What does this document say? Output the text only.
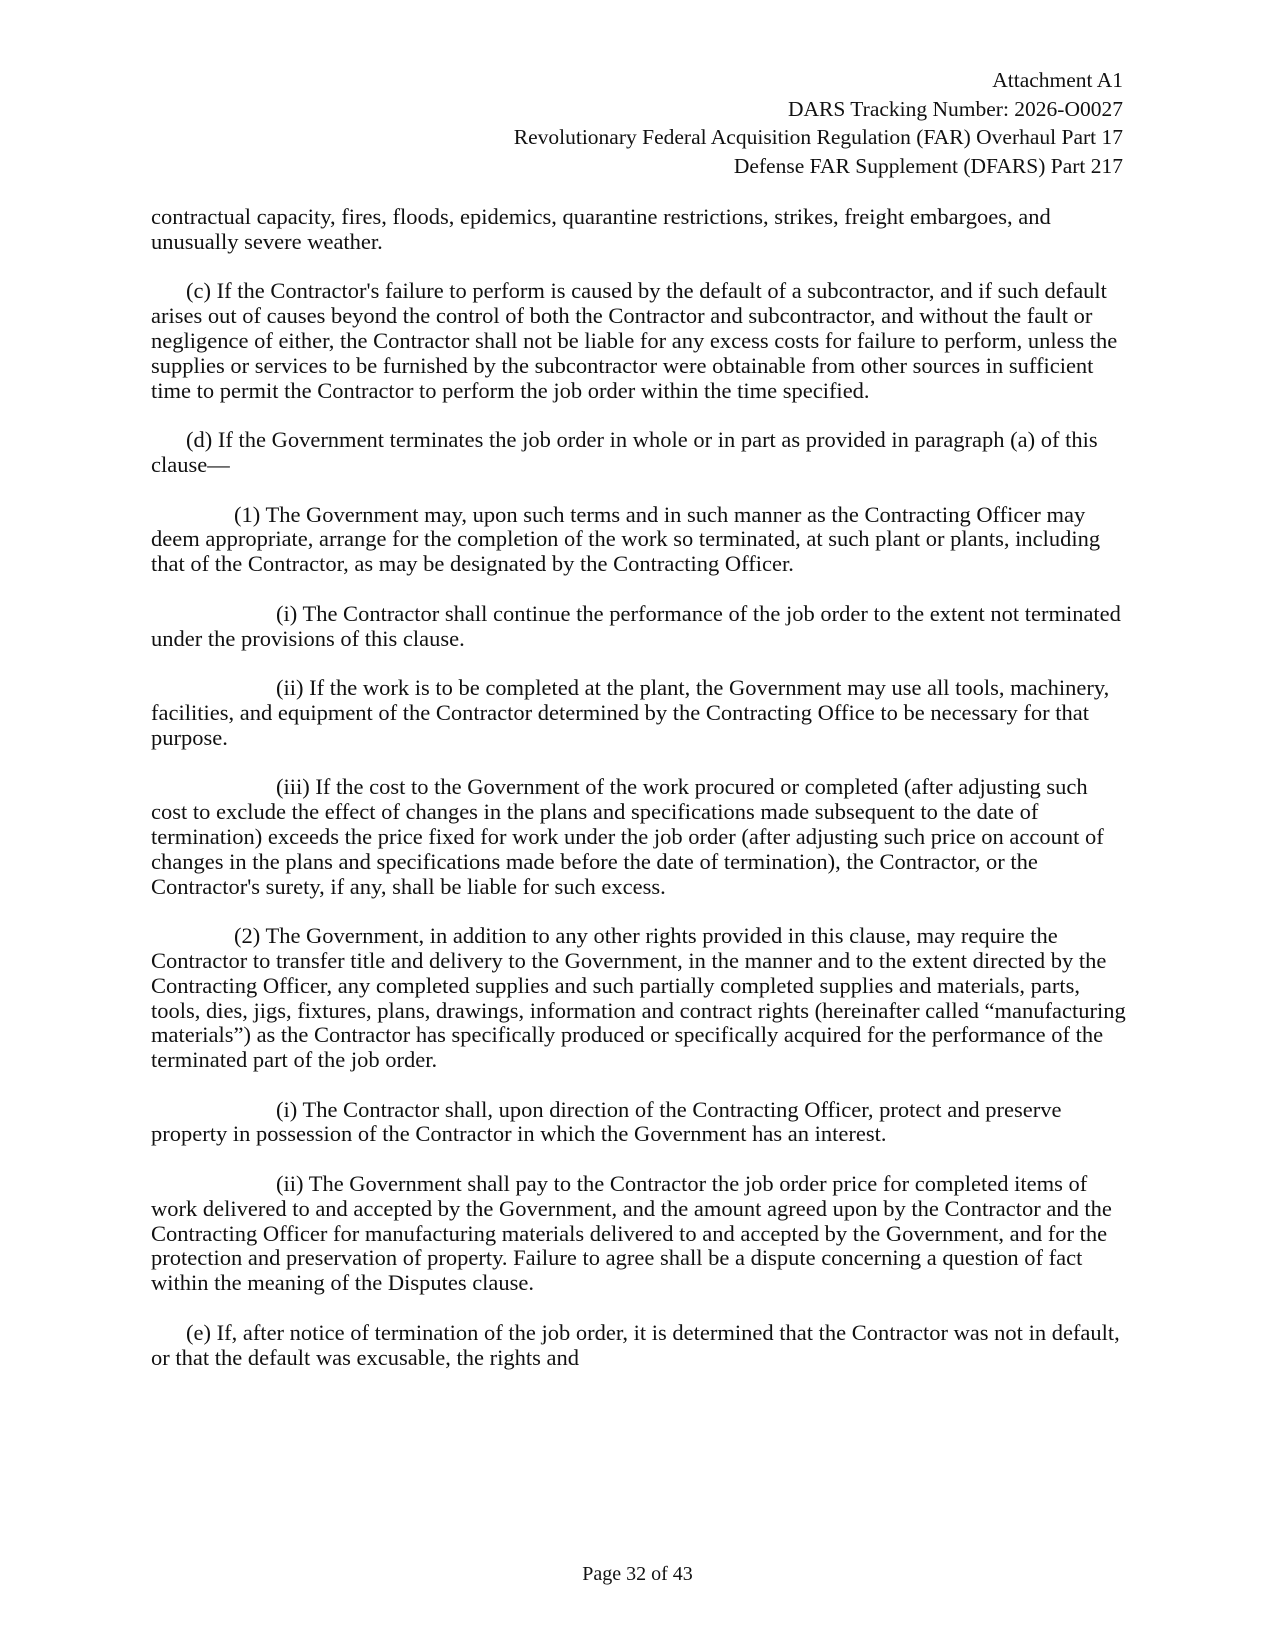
Attachment A1
DARS Tracking Number: 2026-O0027
Revolutionary Federal Acquisition Regulation (FAR) Overhaul Part 17
Defense FAR Supplement (DFARS) Part 217

contractual capacity, fires, floods, epidemics, quarantine restrictions, strikes, freight embargoes, and unusually severe weather.

(c) If the Contractor's failure to perform is caused by the default of a subcontractor, and if such default arises out of causes beyond the control of both the Contractor and subcontractor, and without the fault or negligence of either, the Contractor shall not be liable for any excess costs for failure to perform, unless the supplies or services to be furnished by the subcontractor were obtainable from other sources in sufficient time to permit the Contractor to perform the job order within the time specified.

(d) If the Government terminates the job order in whole or in part as provided in paragraph (a) of this clause—

(1) The Government may, upon such terms and in such manner as the Contracting Officer may deem appropriate, arrange for the completion of the work so terminated, at such plant or plants, including that of the Contractor, as may be designated by the Contracting Officer.

(i) The Contractor shall continue the performance of the job order to the extent not terminated under the provisions of this clause.

(ii) If the work is to be completed at the plant, the Government may use all tools, machinery, facilities, and equipment of the Contractor determined by the Contracting Office to be necessary for that purpose.

(iii) If the cost to the Government of the work procured or completed (after adjusting such cost to exclude the effect of changes in the plans and specifications made subsequent to the date of termination) exceeds the price fixed for work under the job order (after adjusting such price on account of changes in the plans and specifications made before the date of termination), the Contractor, or the Contractor's surety, if any, shall be liable for such excess.

(2) The Government, in addition to any other rights provided in this clause, may require the Contractor to transfer title and delivery to the Government, in the manner and to the extent directed by the Contracting Officer, any completed supplies and such partially completed supplies and materials, parts, tools, dies, jigs, fixtures, plans, drawings, information and contract rights (hereinafter called “manufacturing materials”) as the Contractor has specifically produced or specifically acquired for the performance of the terminated part of the job order.

(i) The Contractor shall, upon direction of the Contracting Officer, protect and preserve property in possession of the Contractor in which the Government has an interest.

(ii) The Government shall pay to the Contractor the job order price for completed items of work delivered to and accepted by the Government, and the amount agreed upon by the Contractor and the Contracting Officer for manufacturing materials delivered to and accepted by the Government, and for the protection and preservation of property. Failure to agree shall be a dispute concerning a question of fact within the meaning of the Disputes clause.

(e) If, after notice of termination of the job order, it is determined that the Contractor was not in default, or that the default was excusable, the rights and

Page 32 of 43
